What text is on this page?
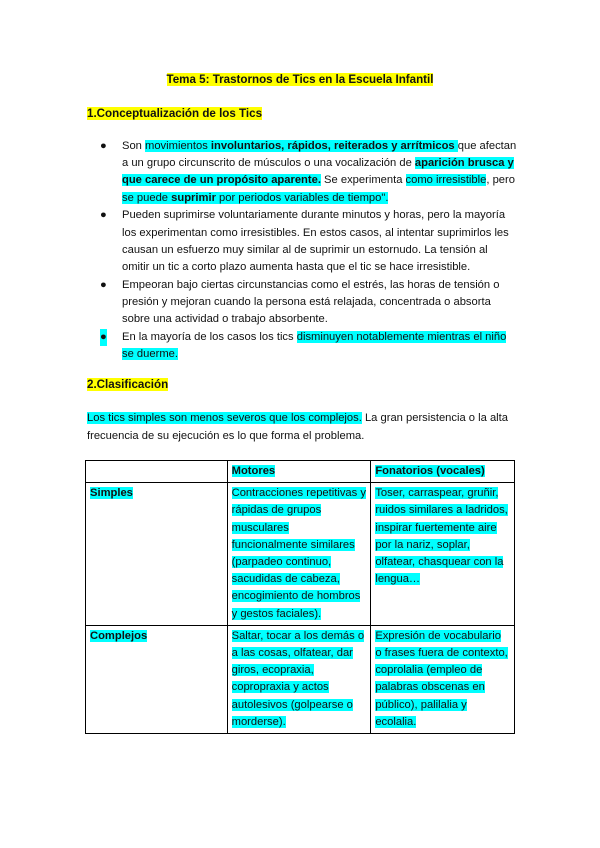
Tema 5: Trastornos de Tics en la Escuela Infantil
1.Conceptualización de los Tics
● Son movimientos involuntarios, rápidos, reiterados y arrítmicos que afectan a un grupo circunscrito de músculos o una vocalización de aparición brusca y que carece de un propósito aparente. Se experimenta como irresistible, pero se puede suprimir por periodos variables de tiempo".
● Pueden suprimirse voluntariamente durante minutos y horas, pero la mayoría los experimentan como irresistibles. En estos casos, al intentar suprimirlos les causan un esfuerzo muy similar al de suprimir un estornudo. La tensión al omitir un tic a corto plazo aumenta hasta que el tic se hace irresistible.
● Empeoran bajo ciertas circunstancias como el estrés, las horas de tensión o presión y mejoran cuando la persona está relajada, concentrada o absorta sobre una actividad o trabajo absorbente.
● En la mayoría de los casos los tics disminuyen notablemente mientras el niño se duerme.
2.Clasificación
Los tics simples son menos severos que los complejos. La gran persistencia o la alta frecuencia de su ejecución es lo que forma el problema.
	Motores	Fonatorios (vocales)
Simples	Contracciones repetitivas y rápidas de grupos musculares funcionalmente similares (parpadeo continuo, sacudidas de cabeza, encogimiento de hombros y gestos faciales).	Toser, carraspear, gruñir, ruidos similares a ladridos, inspirar fuertemente aire por la nariz, soplar, olfatear, chasquear con la lengua…
Complejos	Saltar, tocar a los demás o a las cosas, olfatear, dar giros, ecopraxia, copropraxia y actos autolesivos (golpearse o morderse).	Expresión de vocabulario o frases fuera de contexto, coprolalia (empleo de palabras obscenas en público), palilalia y ecolalia.
